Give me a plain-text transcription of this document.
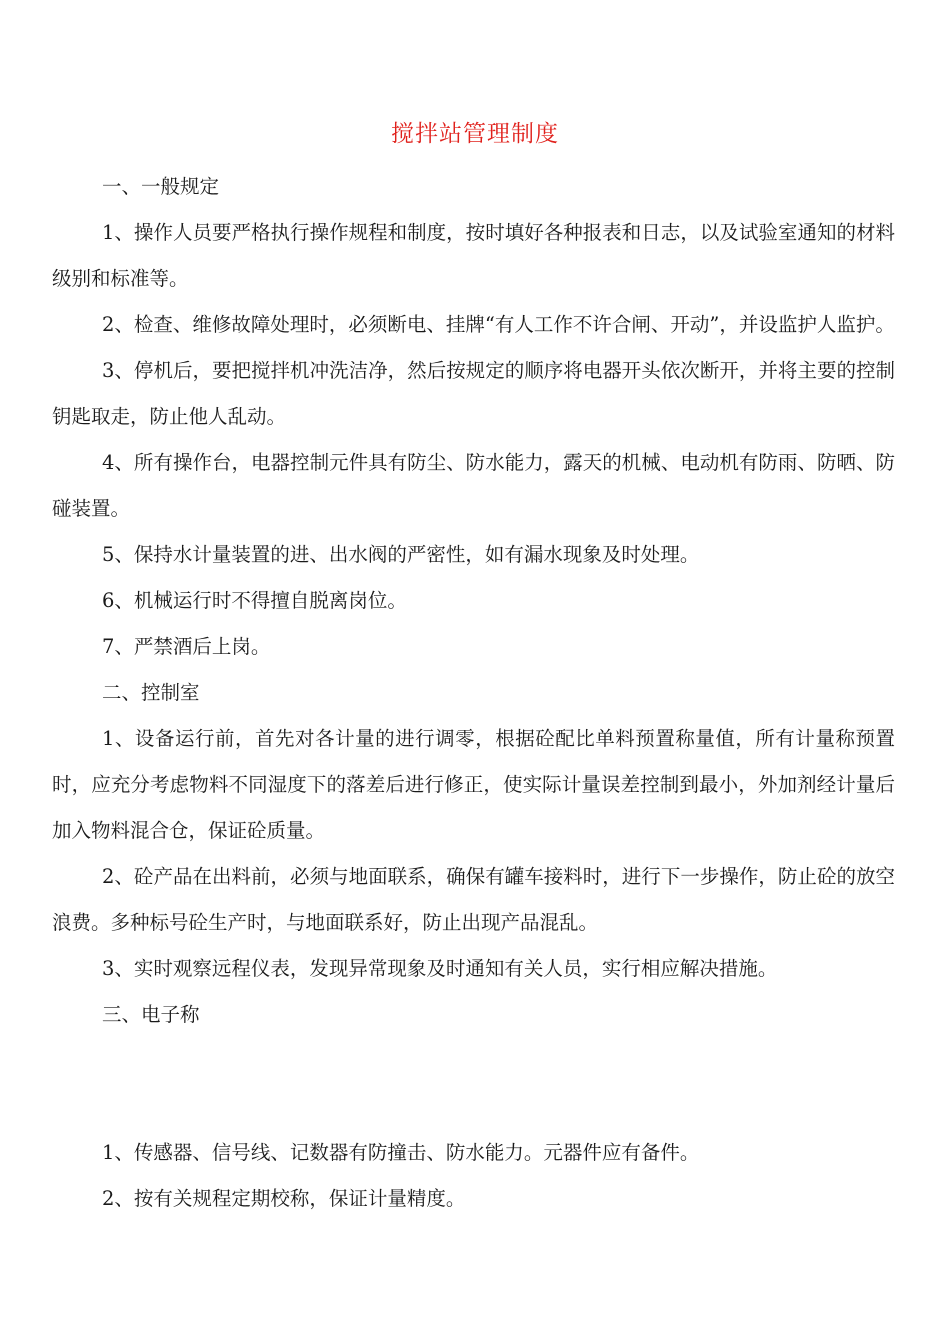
搅拌站管理制度

一、一般规定

1、操作人员要严格执行操作规程和制度，按时填好各种报表和日志，以及试验室通知的材料级别和标准等。

2、检查、维修故障处理时，必须断电、挂牌“有人工作不许合闸、开动”，并设监护人监护。

3、停机后，要把搅拌机冲洗洁净，然后按规定的顺序将电器开头依次断开，并将主要的控制钥匙取走，防止他人乱动。

4、所有操作台，电器控制元件具有防尘、防水能力，露天的机械、电动机有防雨、防晒、防碰装置。

5、保持水计量装置的进、出水阀的严密性，如有漏水现象及时处理。

6、机械运行时不得擅自脱离岗位。

7、严禁酒后上岗。

二、控制室

1、设备运行前，首先对各计量的进行调零，根据砼配比单料预置称量值，所有计量称预置时，应充分考虑物料不同湿度下的落差后进行修正，使实际计量误差控制到最小，外加剂经计量后加入物料混合仓，保证砼质量。

2、砼产品在出料前，必须与地面联系，确保有罐车接料时，进行下一步操作，防止砼的放空浪费。多种标号砼生产时，与地面联系好，防止出现产品混乱。

3、实时观察远程仪表，发现异常现象及时通知有关人员，实行相应解决措施。

三、电子称

1、传感器、信号线、记数器有防撞击、防水能力。元器件应有备件。

2、按有关规程定期校称，保证计量精度。
